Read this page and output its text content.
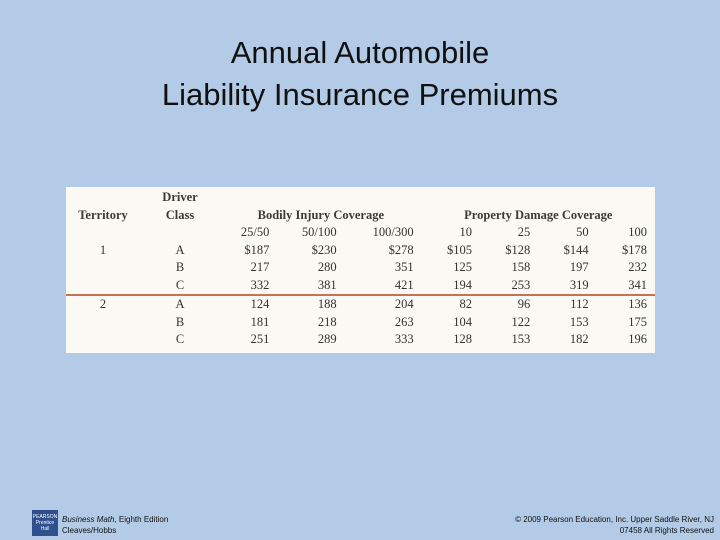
Annual Automobile
Liability Insurance Premiums
	Driver							
Territory	Class	Bodily Injury Coverage			Property Damage Coverage			
		25/50	50/100	100/300	10	25	50	100
1	A	$187	$230	$278	$105	$128	$144	$178
	B	217	280	351	125	158	197	232
	C	332	381	421	194	253	319	341
2	A	124	188	204	82	96	112	136
	B	181	218	263	104	122	153	175
	C	251	289	333	128	153	182	196
PEARSON Prentice Hall
Business Math, Eighth Edition
Cleaves/Hobbs
© 2009 Pearson Education, Inc. Upper Saddle River, NJ
07458 All Rights Reserved
